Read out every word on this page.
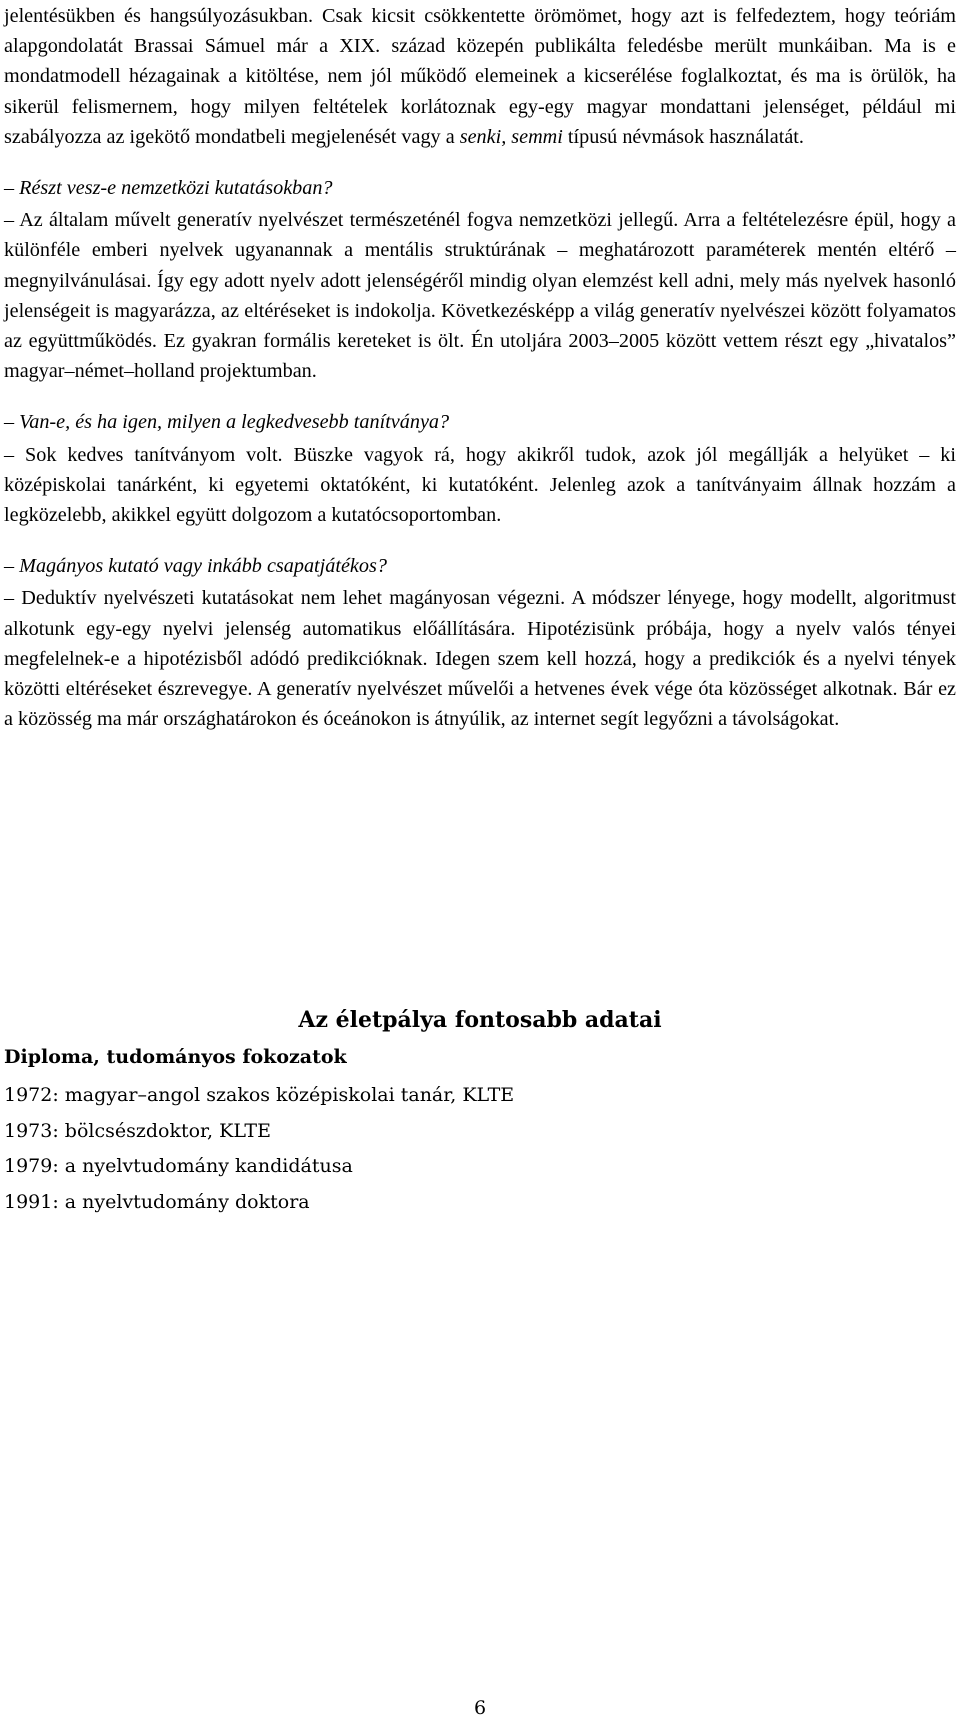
jelentésükben és hangsúlyozásukban. Csak kicsit csökkentette örömömet, hogy azt is felfedeztem, hogy teóriám alapgondolatát Brassai Sámuel már a XIX. század közepén publikálta feledésbe merült munkáiban. Ma is e mondatmodell hézagainak a kitöltése, nem jól működő elemeinek a kicserélése foglalkoztat, és ma is örülök, ha sikerül felismernem, hogy milyen feltételek korlátoznak egy-egy magyar mondattani jelenséget, például mi szabályozza az igekötő mondatbeli megjelenését vagy a senki, semmi típusú névmások használatát.

– Részt vesz-e nemzetközi kutatásokban?

– Az általam művelt generatív nyelvészet természeténél fogva nemzetközi jellegű. Arra a feltételezésre épül, hogy a különféle emberi nyelvek ugyanannak a mentális struktúrának – meghatározott paraméterek mentén eltérő – megnyilvánulásai. Így egy adott nyelv adott jelenségéről mindig olyan elemzést kell adni, mely más nyelvek hasonló jelenségeit is magyarázza, az eltéréseket is indokolja. Következésképp a világ generatív nyelvészei között folyamatos az együttműködés. Ez gyakran formális kereteket is ölt. Én utoljára 2003–2005 között vettem részt egy „hivatalos” magyar–német–holland projektumban.

– Van-e, és ha igen, milyen a legkedvesebb tanítványa?

– Sok kedves tanítványom volt. Büszke vagyok rá, hogy akikről tudok, azok jól megállják a helyüket – ki középiskolai tanárként, ki egyetemi oktatóként, ki kutatóként. Jelenleg azok a tanítványaim állnak hozzám a legközelebb, akikkel együtt dolgozom a kutatócsoportomban.

– Magányos kutató vagy inkább csapatjátékos?

– Deduktív nyelvészeti kutatásokat nem lehet magányosan végezni. A módszer lényege, hogy modellt, algoritmust alkotunk egy-egy nyelvi jelenség automatikus előállítására. Hipotézisünk próbája, hogy a nyelv valós tényei megfelelnek-e a hipotézisből adódó predikcióknak. Idegen szem kell hozzá, hogy a predikciók és a nyelvi tények közötti eltéréseket észrevegye. A generatív nyelvészet művelői a hetvenes évek vége óta közösséget alkotnak. Bár ez a közösség ma már országhatárokon és óceánokon is átnyúlik, az internet segít legyőzni a távolságokat.

Az életpálya fontosabb adatai
Diploma, tudományos fokozatok
1972: magyar–angol szakos középiskolai tanár, KLTE
1973: bölcsészdoktor, KLTE
1979: a nyelvtudomány kandidátusa
1991: a nyelvtudomány doktora
6
